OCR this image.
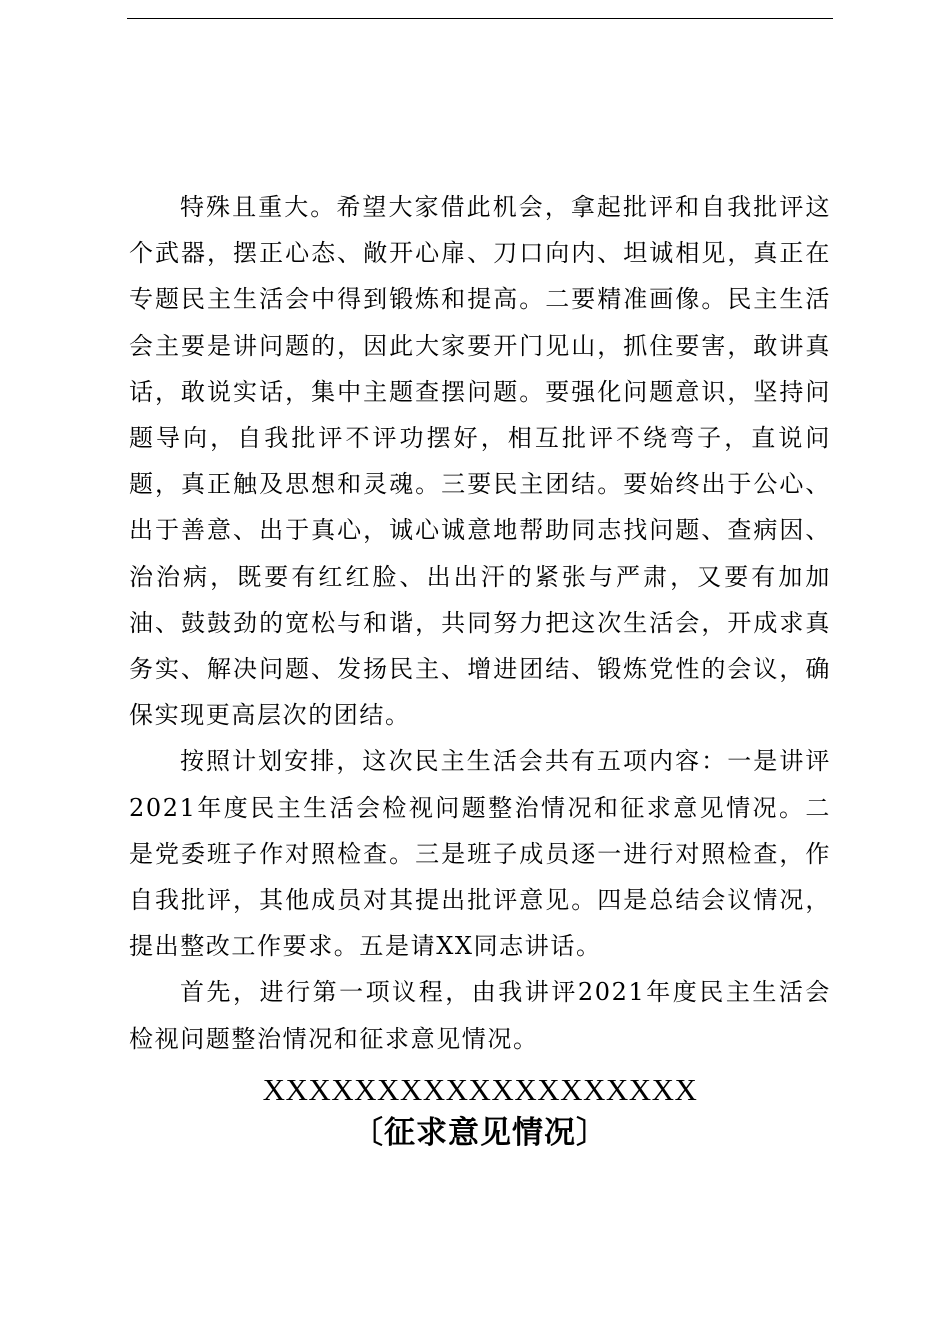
特殊且重大。希望大家借此机会，拿起批评和自我批评这个武器，摆正心态、敞开心扉、刀口向内、坦诚相见，真正在专题民主生活会中得到锻炼和提高。二要精准画像。民主生活会主要是讲问题的，因此大家要开门见山，抓住要害，敢讲真话，敢说实话，集中主题查摆问题。要强化问题意识，坚持问题导向，自我批评不评功摆好，相互批评不绕弯子，直说问题，真正触及思想和灵魂。三要民主团结。要始终出于公心、出于善意、出于真心，诚心诚意地帮助同志找问题、查病因、治治病，既要有红红脸、出出汗的紧张与严肃，又要有加加油、鼓鼓劲的宽松与和谐，共同努力把这次生活会，开成求真务实、解决问题、发扬民主、增进团结、锻炼党性的会议，确保实现更高层次的团结。

按照计划安排，这次民主生活会共有五项内容：一是讲评2021年度民主生活会检视问题整治情况和征求意见情况。二是党委班子作对照检查。三是班子成员逐一进行对照检查，作自我批评，其他成员对其提出批评意见。四是总结会议情况，提出整改工作要求。五是请XX同志讲话。

首先，进行第一项议程，由我讲评2021年度民主生活会检视问题整治情况和征求意见情况。

XXXXXXXXXXXXXXXXXXX

〔征求意见情况〕
